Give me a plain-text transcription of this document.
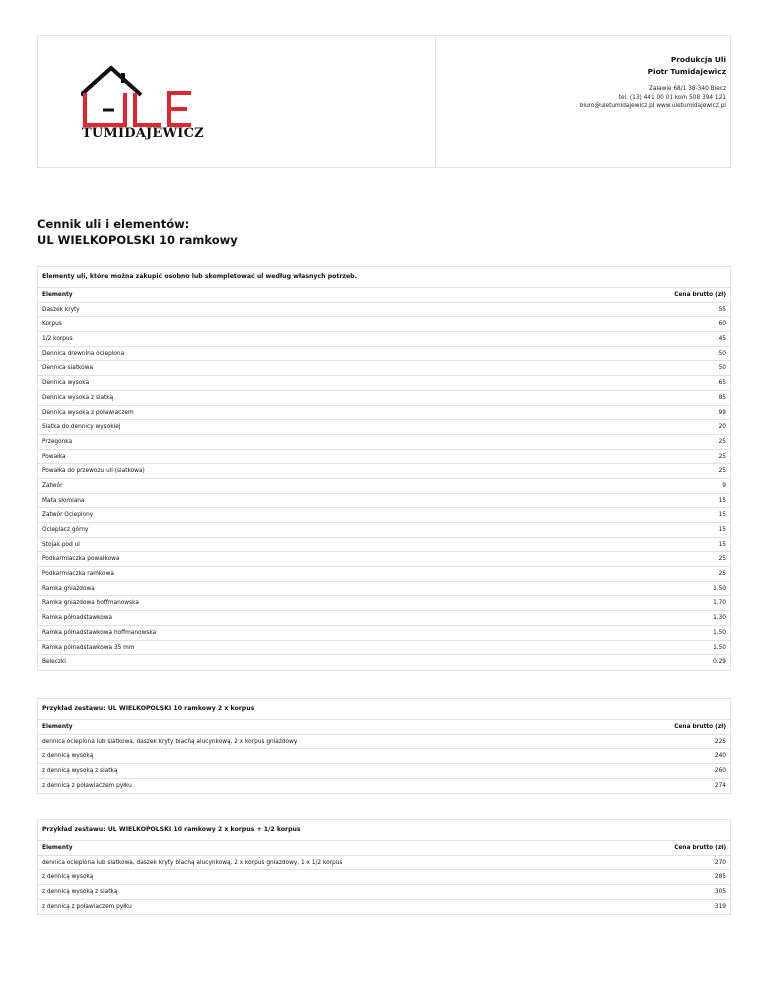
TUMIDAJEWICZ
Produkcja Uli
Piotr Tumidajewicz
Zalawie 68/1 38-340 Biecz
tel. (13) 441 00 01 kom 508 394 121
biuro@uletumidajewicz.pl www.uletumidajewicz.pl
Cennik uli i elementów:
UL WIELKOPOLSKI 10 ramkowy
Elementy uli, które można zakupić osobno lub skompletować ul według własnych potrzeb.
Elementy	Cena brutto (zł)
Daszek kryty	55
Korpus	60
1/2 korpus	45
Dennica drewnina ocieplona	50
Dennica siatkowa	50
Dennica wysoka	65
Dennica wysoka z siatką	85
Dennica wysoka z poławiaczem	99
Siatka do dennicy wysokiej	20
Przegonka	25
Powałka	25
Powałka do przewozu uli (siatkowa)	25
Zatwór	9
Mata słomiana	15
Zatwór Ocieplony	15
Ocieplacz górny	15
Stojak pod ul	15
Podkarmiaczka powałkowa	25
Podkarmiaczka ramkowa	25
Ramka gniazdowa	1.50
Ramka gniazdowa hoffmanowska	1.70
Ramka półnadstawkowa	1.30
Ramka półnadstawkowa hoffmanowska	1.50
Ramka półnadstawkowa 35 mm	1.50
Beleczki	0.29
Przykład zestawu: UL WIELKOPOLSKI 10 ramkowy 2 x korpus
Elementy	Cena brutto (zł)
dennica ocieplona lub siatkowa, daszek kryty blachą alucynkową, 2 x korpus gniazdowy	225
z dennicą wysoką	240
z dennicą wysoką z siatką	260
z dennicą z poławiaczem pyłku	274
Przykład zestawu: UL WIELKOPOLSKI 10 ramkowy 2 x korpus + 1/2 korpus
Elementy	Cena brutto (zł)
dennica ocieplona lub siatkowa, daszek kryty blachą alucynkową, 2 x korpus gniazdowy, 1 x 1/2 korpus	270
z dennicą wysoką	285
z dennicą wysoką z siatką	305
z dennicą z poławiaczem pyłku	319
